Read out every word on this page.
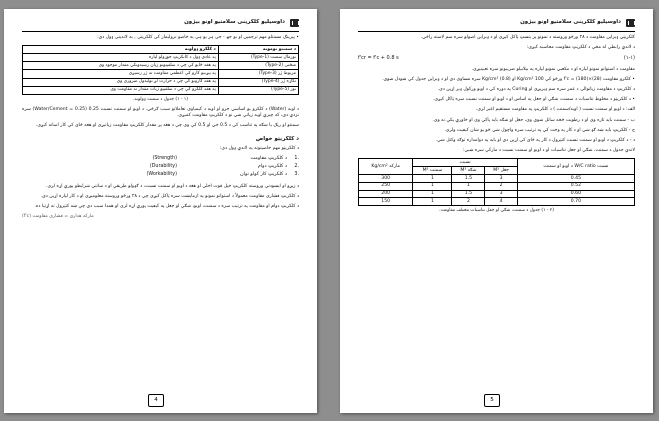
داوسیلیو کلکرینی سلامتیو اونو بیژون

• پیرینګ مسنتلو مهم ترجمیں او بو جھ - جی ہر یو ہی به خاصو ترولیمار کی کلکریتی , به لاندینی ډول دی:

د سمنتو نومونه	د کلکرو ډولونه
نورمال سمنت (Type-1)	په عادي ډول د کانکریټ جوړولو لپاره
منځنی (Type-2)	په هغه ځایو کې چې د سلفیټونو زیان رسیدونکي مقدار موجود وي
مربوط ژر (Type-3)	په بیړنیو کارو کې اعظمي مقاومت ته ژر رسیږي
تکاړه ژر (Type-4)	په هغه کارونو کې چې د حرارت لږ تولیدول ضروري وي
نور (Type-5)	په هغه کلکرو کې چې د سلفیټو زیات مقدار ته مقاومت وي
(۱ - ۱) جدول د سمنت ډولونه.

د اوبه (Water) د کلکرو یو اساسي جزو او اوبه د کیمیاوي تعاملاتو سبب ګرځي. د اوبو او سمنت نسبت 0.25 (Water/Cement = 0.25) سره نژدې دی، که چیرې اوبه زیاتې شي نو د کلکریټ مقاومت کمیږي.

سمنتو او ریګ یا شګه په تناسب کې د 0.5 جي او 0.5 کې وي چې د هغه پر مقدار کلکریټ مقاومت زیاتیږي او هغه ځای کې کار اسانه کیږي.

د کلکریټو خواص

د کلکریټو مهم خاصیتونه په لاندې ډول دي:

.1
د کلکریټ مقاومت
(Strength)
.2
د کلکریټ دوام
(Durability)
.3
د کلکریټ کار کولو توان
(Workability)

د زیږو او ایښودنې وروسته کلکریټ خپل قوت اخلي او هغه د اوبو او سمنت نسبت، د ګډولو طریقې او د ساتنې شرایطو پورې اړه لري.

د کلکریټ فشاري مقاومت معمولاً د استوانو نمونو په ازمایښت سره ټاکل کیږي چې د ۲۸ ورځو وروسته معلومیږي او د کار لپاره اړین دی.

د کلکریټ دوام او مقاومت په ترتیب سره د سمنت، اوبو، شګې او جغل په کیفیت پورې اړه لري او همدا سبب دی چې ښه کنټرول ته اړتیا ده.

(f'c) مارکه هداری = ‫فشاري مقاومت
4
داوسیلیو کلکرینی سلامتیو اونو بیژون

کلکریټي ډیزاین مقاومت د ۲۸ ورځو وروسته د نمونو پر بنسټ ټاکل کیږي او د ډیزاین اصولو سره سم لاسته راځي.

د لاندې رابطې له مخې د کلکریټ مقاومت محاسبه کیږي:

f'cr = f'c + 0.8 s	(۱-۱)

مقاومت د استوانو نمونو لپاره او د مکعبي نمونو لپاره په بیلابیلو ضریبونو سره تعیینیږي.

• کلکرو مقاومت f'c = (180)×(28) ورځو کې Kg/cm² 100 او Kg/cm² (0.8) سره مساوي دی او د ډیزاین جدول کې ښودل شوی.

د کلکریټ د مقاومت زیاتوالی د عمر سره سم ډیریږي او Curing په دوره کې د اوبو ورکول ډیر اړین دي.

• د کلکریټو د مخلوط تناسبات د سمنت، شګې او جغل په اساس او د اوبو او سمنت نسبت سره ټاکل کیږي.

الف: د اوبو او سمنت نسبت ( اوبه/سمنت ) د کلکریټ په مقاومت مستقیم اغیز لري.

ب - سمنت باید تازه وي او د رطوبت څخه ساتل شوی وي، جغل او شګه باید پاکې وي او خاورې پکې نه وي.

ج - کلکریټ باید ښه ګډ شي او د کار په وخت کې په ترتیب سره واچول شي څو یو شان کیفیت ولري.

د - د کلکریټ د اوبو او سمنت نسبت کنټرول د کار په ځای کې اړین دی او باید په دوامداره توګه وکتل شي.

لاندې جدول د سمنت، شګې او جغل تناسبات او د اوبو او سمنت نسبت د مارکې سره ښیي:

نسبت W/C ratio د اوبو او سمنت	نسبت			مارکه Kg/cm²
	جغل M³	شګه M³	سمنت M³	
0.45	3	1.5	1	300
0.52	2	1	1	250
0.60	3	1.5	1	200
0.70	4	2	1	150
(۲ - ۱) جدول د سمنت، شګې او جغل تناسبات مختلف مقاومت.
5
